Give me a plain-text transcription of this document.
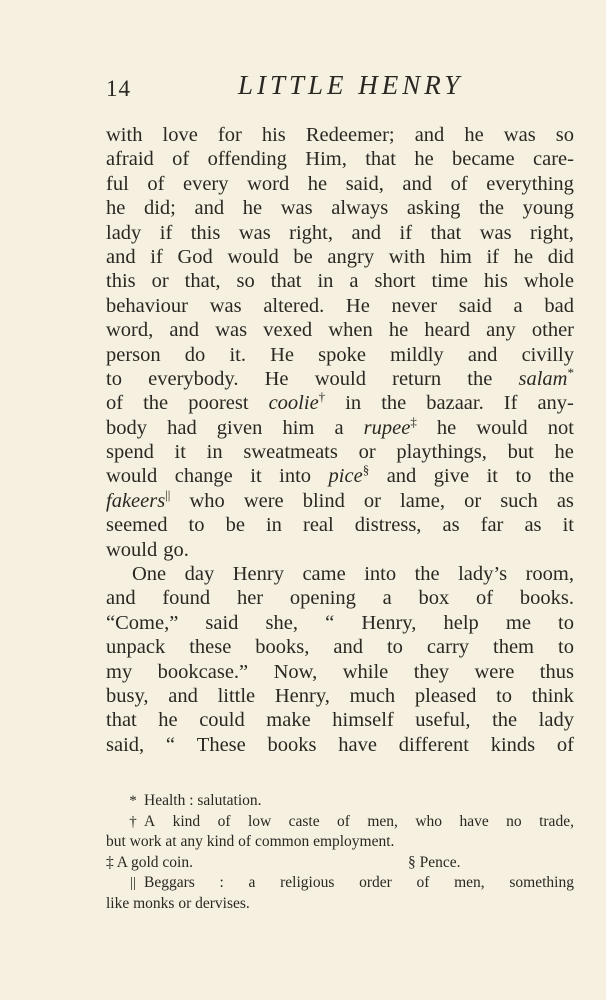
14	LITTLE HENRY
with love for his Redeemer; and he was so
afraid of offending Him, that he became care-
ful of every word he said, and of everything
he did; and he was always asking the young
lady if this was right, and if that was right,
and if God would be angry with him if he did
this or that, so that in a short time his whole
behaviour was altered. He never said a bad
word, and was vexed when he heard any other
person do it. He spoke mildly and civilly
to everybody. He would return the salam*
of the poorest coolie† in the bazaar. If any-
body had given him a rupee‡ he would not
spend it in sweatmeats or playthings, but he
would change it into pice§ and give it to the
fakeers|| who were blind or lame, or such as
seemed to be in real distress, as far as it
would go.
One day Henry came into the lady’s room,
and found her opening a box of books.
“Come,” said she, “ Henry, help me to
unpack these books, and to carry them to
my bookcase.” Now, while they were thus
busy, and little Henry, much pleased to think
that he could make himself useful, the lady
said, “ These books have different kinds of
* Health : salutation.
† A kind of low caste of men, who have no trade,
but work at any kind of common employment.
‡ A gold coin.	§ Pence.
|| Beggars : a religious order of men, something
like monks or dervises.
